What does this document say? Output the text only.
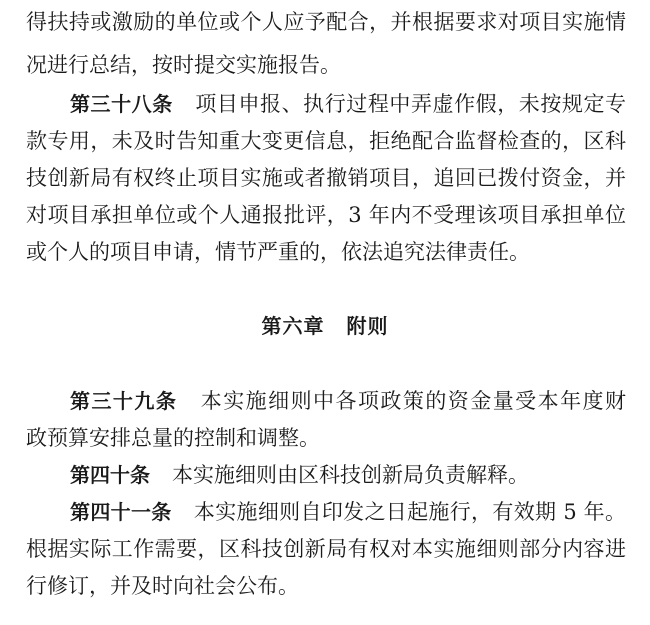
得扶持或激励的单位或个人应予配合，并根据要求对项目实施情
况进行总结，按时提交实施报告。
第三十八条 项目申报、执行过程中弄虚作假，未按规定专
款专用，未及时告知重大变更信息，拒绝配合监督检查的，区科
技创新局有权终止项目实施或者撤销项目，追回已拨付资金，并
对项目承担单位或个人通报批评，3 年内不受理该项目承担单位
或个人的项目申请，情节严重的，依法追究法律责任。
第六章 附则
第三十九条 本实施细则中各项政策的资金量受本年度财
政预算安排总量的控制和调整。
第四十条 本实施细则由区科技创新局负责解释。
第四十一条 本实施细则自印发之日起施行，有效期 5 年。
根据实际工作需要，区科技创新局有权对本实施细则部分内容进
行修订，并及时向社会公布。
